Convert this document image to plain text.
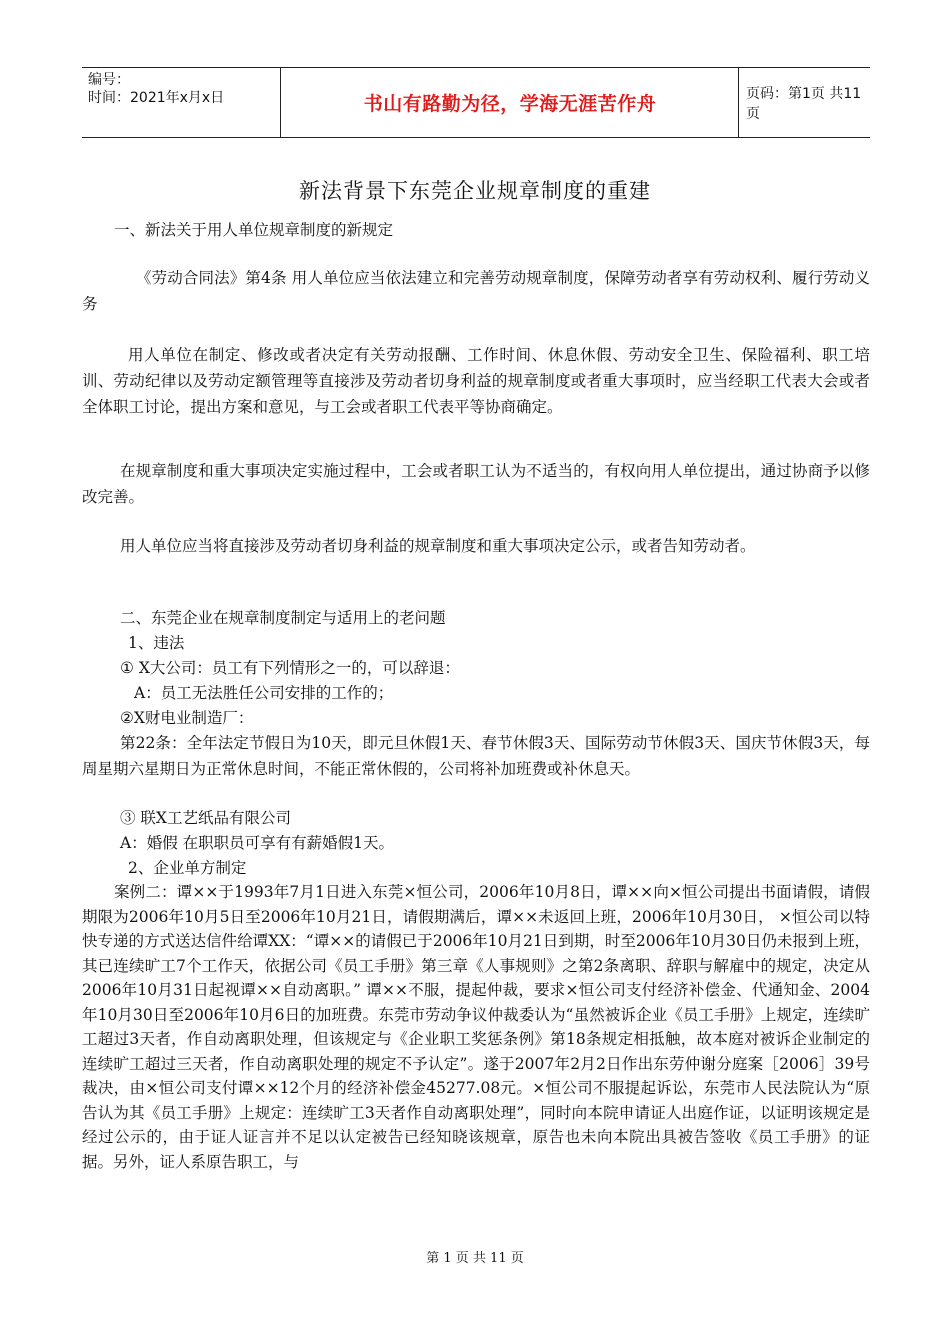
编号：
时间：2021年x月x日	书山有路勤为径，学海无涯苦作舟	页码：第1页 共11页
新法背景下东莞企业规章制度的重建

一、新法关于用人单位规章制度的新规定

《劳动合同法》第4条 用人单位应当依法建立和完善劳动规章制度，保障劳动者享有劳动权利、履行劳动义务

用人单位在制定、修改或者决定有关劳动报酬、工作时间、休息休假、劳动安全卫生、保险福利、职工培训、劳动纪律以及劳动定额管理等直接涉及劳动者切身利益的规章制度或者重大事项时，应当经职工代表大会或者全体职工讨论，提出方案和意见，与工会或者职工代表平等协商确定。

在规章制度和重大事项决定实施过程中，工会或者职工认为不适当的，有权向用人单位提出，通过协商予以修改完善。

用人单位应当将直接涉及劳动者切身利益的规章制度和重大事项决定公示，或者告知劳动者。

二、东莞企业在规章制度制定与适用上的老问题

1、违法

① X大公司：员工有下列情形之一的，可以辞退：

A：员工无法胜任公司安排的工作的；

②X财电业制造厂：

第22条：全年法定节假日为10天，即元旦休假1天、春节休假3天、国际劳动节休假3天、国庆节休假3天，每周星期六星期日为正常休息时间，不能正常休假的，公司将补加班费或补休息天。

③ 联X工艺纸品有限公司

A：婚假 在职职员可享有有薪婚假1天。

2、企业单方制定

案例二：谭××于1993年7月1日进入东莞×恒公司，2006年10月8日，谭××向×恒公司提出书面请假，请假期限为2006年10月5日至2006年10月21日，请假期满后，谭××未返回上班，2006年10月30日， ×恒公司以特快专递的方式送达信件给谭XX：“谭××的请假已于2006年10月21日到期，时至2006年10月30日仍未报到上班，其已连续旷工7个工作天，依据公司《员工手册》第三章《人事规则》之第2条离职、辞职与解雇中的规定，决定从2006年10月31日起视谭××自动离职。” 谭××不服，提起仲裁，要求×恒公司支付经济补偿金、代通知金、2004年10月30日至2006年10月6日的加班费。东莞市劳动争议仲裁委认为“虽然被诉企业《员工手册》上规定，连续旷工超过3天者，作自动离职处理，但该规定与《企业职工奖惩条例》第18条规定相抵触，故本庭对被诉企业制定的连续旷工超过三天者，作自动离职处理的规定不予认定”。遂于2007年2月2日作出东劳仲谢分庭案［2006］39号裁决，由×恒公司支付谭××12个月的经济补偿金45277.08元。×恒公司不服提起诉讼，东莞市人民法院认为“原告认为其《员工手册》上规定：连续旷工3天者作自动离职处理”，同时向本院申请证人出庭作证，以证明该规定是经过公示的，由于证人证言并不足以认定被告已经知晓该规章，原告也未向本院出具被告签收《员工手册》的证据。另外，证人系原告职工，与

第 1 页 共 11 页
